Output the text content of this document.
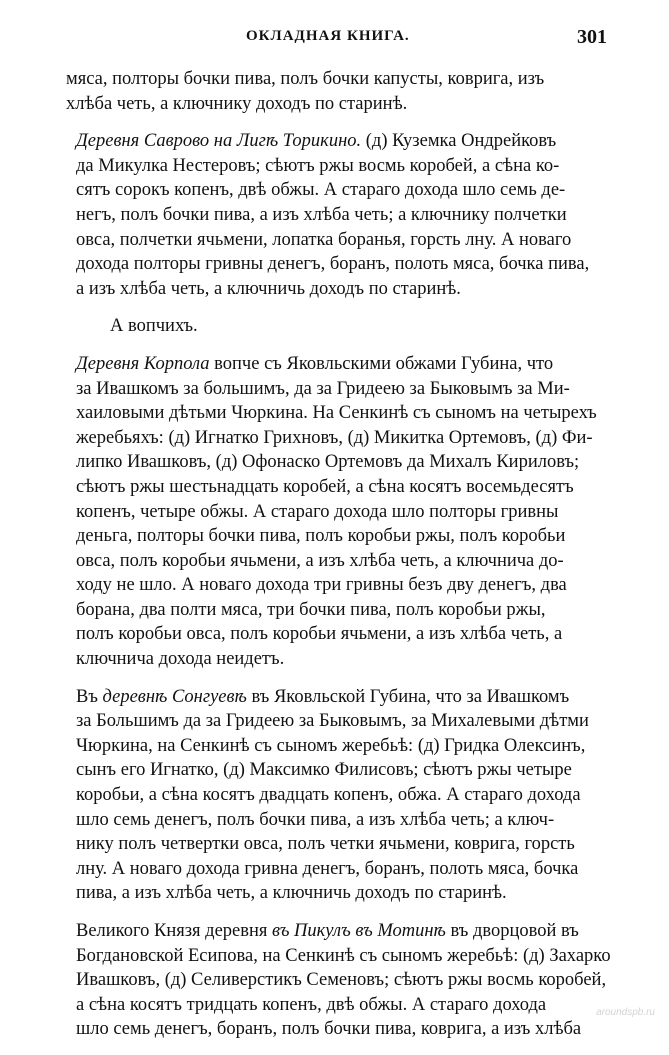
ОКЛАДНАЯ КНИГА.	301
мяса, полторы бочки пива, полъ бочки капусты, коврига, изъ
хлѣба четь, а ключнику доходъ по старинѣ.
Деревня Саврово на Лигѣ Торикино. (д) Куземка Ондрейковъ
да Микулка Нестеровъ; сѣютъ ржы восмь коробей, а сѣна ко-
сятъ сорокъ копенъ, двѣ обжы. А стараго дохода шло семь де-
негъ, полъ бочки пива, а изъ хлѣба четь; а ключнику полчетки
овса, полчетки ячьмени, лопатка боранья, горсть лну. А новаго
дохода полторы гривны денегъ, боранъ, полоть мяса, бочка пива,
а изъ хлѣба четь, а ключничь доходъ по старинѣ.
А вопчихъ.
Деревня Корпола вопче съ Яковльскими обжами Губина, что
за Ивашкомъ за большимъ, да за Гридеею за Быковымъ за Ми-
хаиловыми дѣтьми Чюркина. На Сенкинѣ съ сыномъ на четырехъ
жеребьяхъ: (д) Игнатко Грихновъ, (д) Микитка Ортемовъ, (д) Фи-
липко Ивашковъ, (д) Офонаско Ортемовъ да Михалъ Кириловъ;
сѣютъ ржы шестьнадцать коробей, а сѣна косятъ восемьдесятъ
копенъ, четыре обжы. А стараго дохода шло полторы гривны
деньга, полторы бочки пива, полъ коробьи ржы, полъ коробьи
овса, полъ коробьи ячьмени, а изъ хлѣба четь, а ключнича до-
ходу не шло. А новаго дохода три гривны безъ дву денегъ, два
борана, два полти мяса, три бочки пива, полъ коробьи ржы,
полъ коробьи овса, полъ коробьи ячьмени, а изъ хлѣба четь, а
ключнича дохода неидетъ.
Въ деревнѣ Сонгуевѣ въ Яковльской Губина, что за Ивашкомъ
за Большимъ да за Гридеею за Быковымъ, за Михалевыми дѣтми
Чюркина, на Сенкинѣ съ сыномъ жеребьѣ: (д) Гридка Олексинъ,
сынъ его Игнатко, (д) Максимко Филисовъ; сѣютъ ржы четыре
коробьи, а сѣна косятъ двадцать копенъ, обжа. А стараго дохода
шло семь денегъ, полъ бочки пива, а изъ хлѣба четь; а ключ-
нику полъ четвертки овса, полъ четки ячьмени, коврига, горсть
лну. А новаго дохода гривна денегъ, боранъ, полоть мяса, бочка
пива, а изъ хлѣба четь, а ключничь доходъ по старинѣ.
Великого Князя деревня въ Пикулъ въ Мотинѣ въ дворцовой въ
Богдановской Есипова, на Сенкинѣ съ сыномъ жеребьѣ: (д) Захарко
Ивашковъ, (д) Селиверстикъ Семеновъ; сѣютъ ржы восмь коробей,
а сѣна косятъ тридцать копенъ, двѣ обжы. А стараго дохода
шло семь денегъ, боранъ, полъ бочки пива, коврига, а изъ хлѣба
aroundspb.ru
